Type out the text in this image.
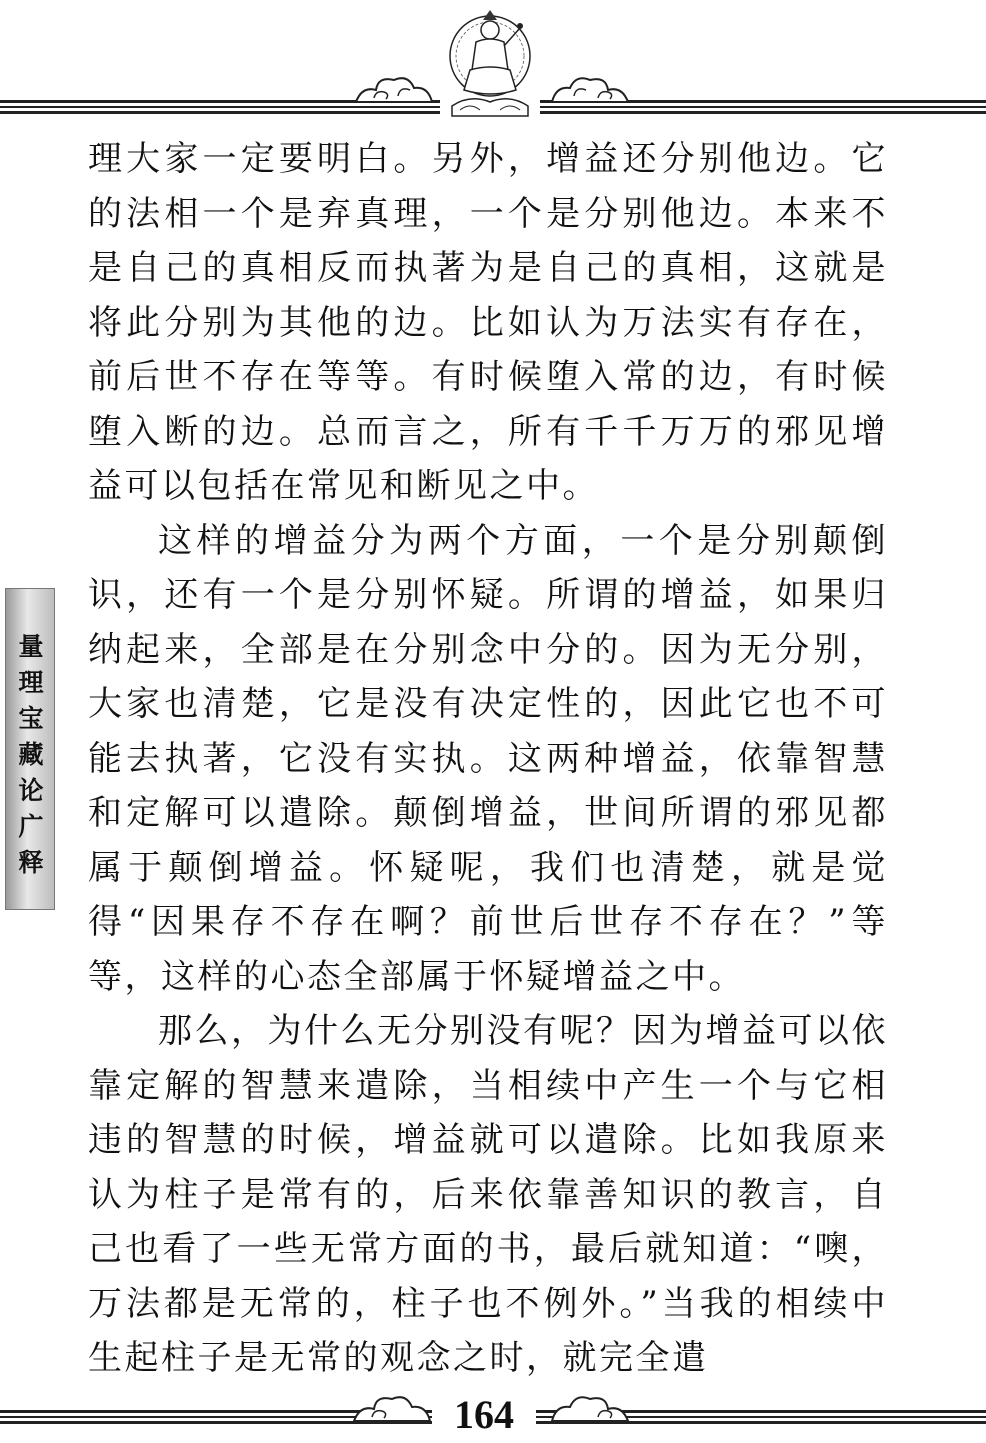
量理宝藏论广释

理大家一定要明白。另外，增益还分别他边。它的法相一个是弃真理，一个是分别他边。本来不是自己的真相反而执著为是自己的真相，这就是将此分别为其他的边。比如认为万法实有存在，前后世不存在等等。有时候堕入常的边，有时候堕入断的边。总而言之，所有千千万万的邪见增益可以包括在常见和断见之中。

这样的增益分为两个方面，一个是分别颠倒识，还有一个是分别怀疑。所谓的增益，如果归纳起来，全部是在分别念中分的。因为无分别，大家也清楚，它是没有决定性的，因此它也不可能去执著，它没有实执。这两种增益，依靠智慧和定解可以遣除。颠倒增益，世间所谓的邪见都属于颠倒增益。怀疑呢，我们也清楚，就是觉得“因果存不存在啊？前世后世存不存在？”等等，这样的心态全部属于怀疑增益之中。

那么，为什么无分别没有呢？因为增益可以依靠定解的智慧来遣除，当相续中产生一个与它相违的智慧的时候，增益就可以遣除。比如我原来认为柱子是常有的，后来依靠善知识的教言，自己也看了一些无常方面的书，最后就知道：“噢，万法都是无常的，柱子也不例外。”当我的相续中生起柱子是无常的观念之时，就完全遣

164
